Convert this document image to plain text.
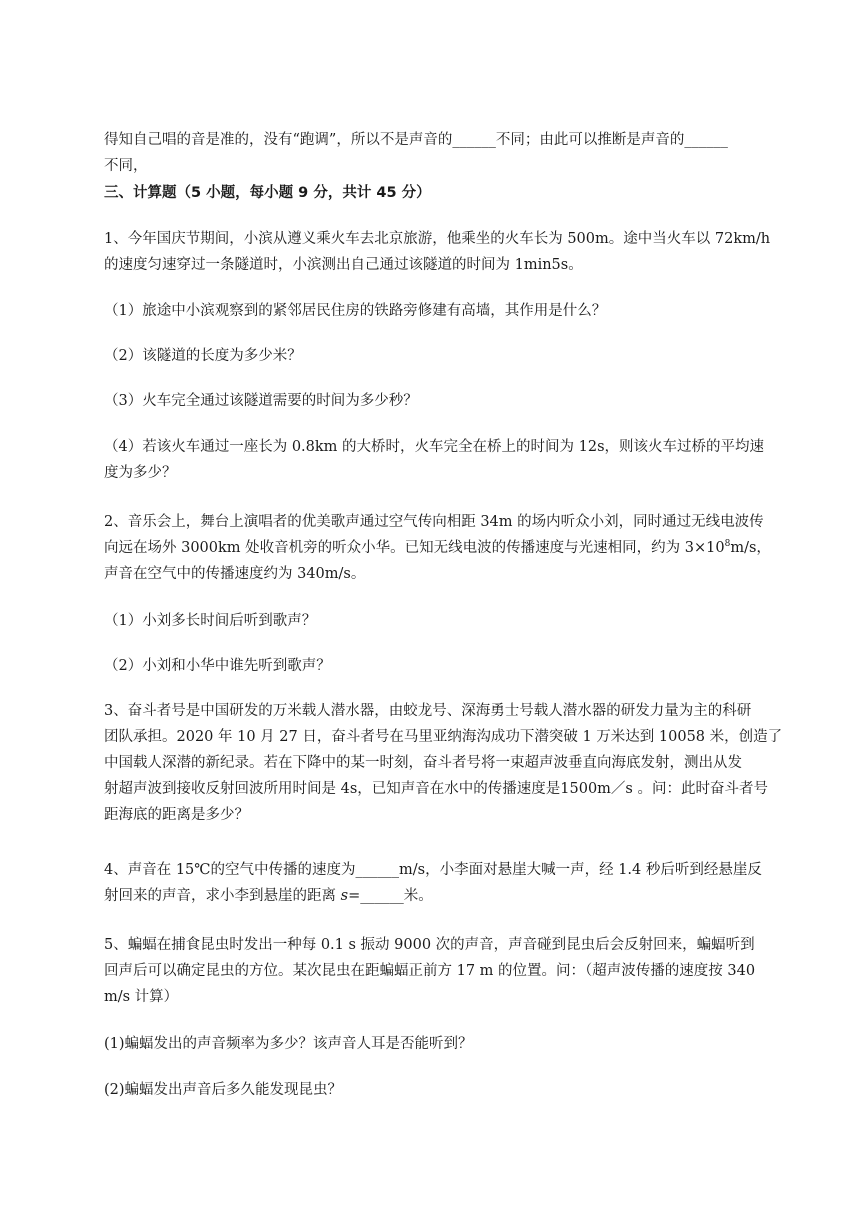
得知自己唱的音是准的，没有“跑调”，所以不是声音的______不同；由此可以推断是声音的______
不同，

三、计算题（5 小题，每小题 9 分，共计 45 分）

1、今年国庆节期间，小滨从遵义乘火车去北京旅游，他乘坐的火车长为 500m。途中当火车以 72km/h
的速度匀速穿过一条隧道时，小滨测出自己通过该隧道的时间为 1min5s。

（1）旅途中小滨观察到的紧邻居民住房的铁路旁修建有高墙，其作用是什么？

（2）该隧道的长度为多少米？

（3）火车完全通过该隧道需要的时间为多少秒？

（4）若该火车通过一座长为 0.8km 的大桥时，火车完全在桥上的时间为 12s，则该火车过桥的平均速
度为多少？

2、音乐会上，舞台上演唱者的优美歌声通过空气传向相距 34m 的场内听众小刘，同时通过无线电波传
向远在场外 3000km 处收音机旁的听众小华。已知无线电波的传播速度与光速相同，约为 $3\times 10^8m/s$，
声音在空气中的传播速度约为 340m/s。

（1）小刘多长时间后听到歌声？

（2）小刘和小华中谁先听到歌声？

3、奋斗者号是中国研发的万米载人潜水器，由蛟龙号、深海勇士号载人潜水器的研发力量为主的科研
团队承担。2020 年 10 月 27 日，奋斗者号在马里亚纳海沟成功下潜突破 1 万米达到 10058 米，创造了
中国载人深潜的新纪录。若在下降中的某一时刻，奋斗者号将一束超声波垂直向海底发射，测出从发
射超声波到接收反射回波所用时间是 4s，已知声音在水中的传播速度是1500m／s 。问：此时奋斗者号
距海底的距离是多少？

4、声音在 15℃的空气中传播的速度为______m/s，小李面对悬崖大喊一声，经 1.4 秒后听到经悬崖反
射回来的声音，求小李到悬崖的距离 s=______米。

5、蝙蝠在捕食昆虫时发出一种每 0.1 s 振动 9000 次的声音，声音碰到昆虫后会反射回来，蝙蝠听到
回声后可以确定昆虫的方位。某次昆虫在距蝙蝠正前方 17 m 的位置。问：（超声波传播的速度按 340
m/s 计算）

(1)蝙蝠发出的声音频率为多少？该声音人耳是否能听到？

(2)蝙蝠发出声音后多久能发现昆虫？
